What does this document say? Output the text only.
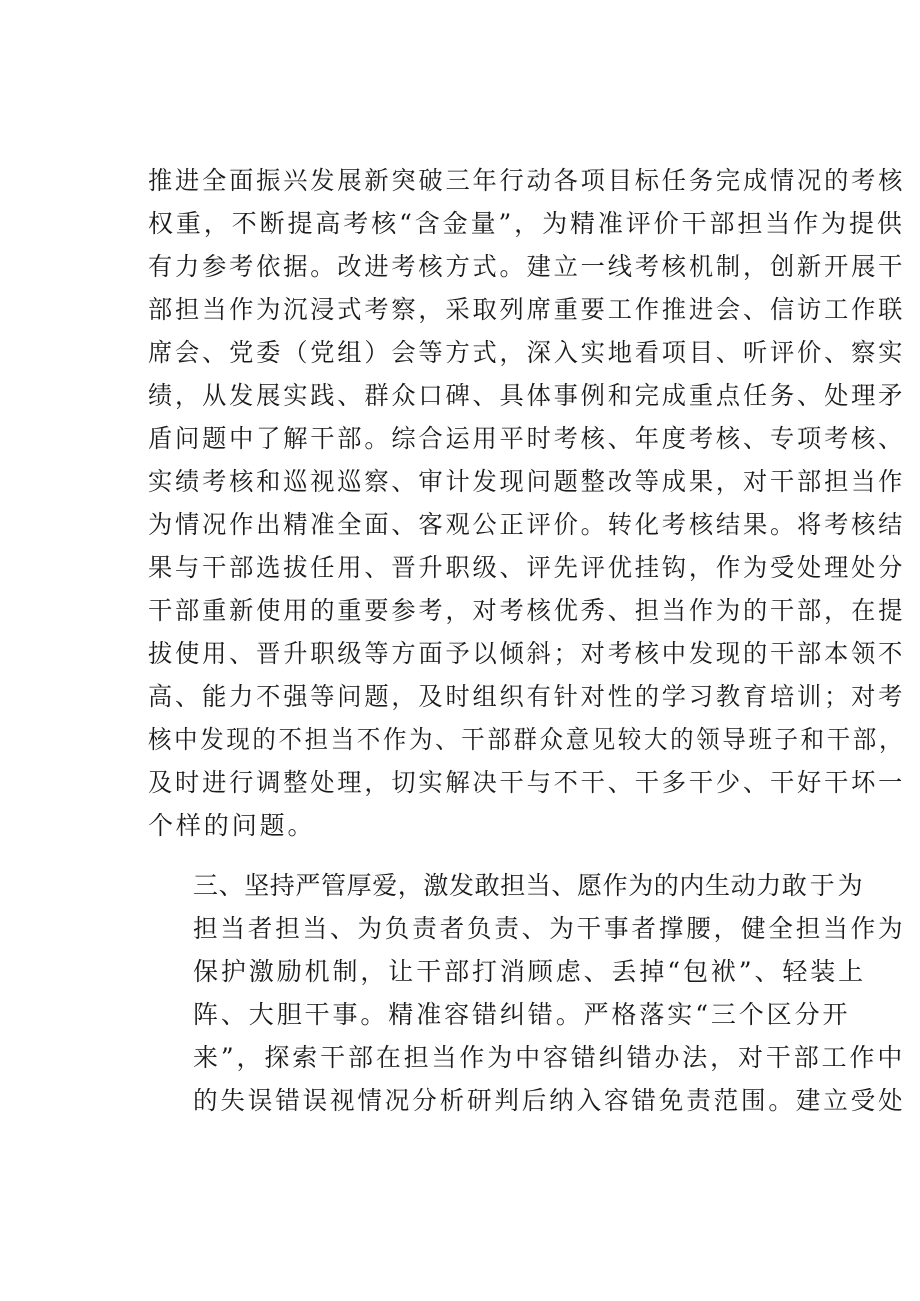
推进全面振兴发展新突破三年行动各项目标任务完成情况的考核
权重，不断提高考核“含金量”，为精准评价干部担当作为提供
有力参考依据。改进考核方式。建立一线考核机制，创新开展干
部担当作为沉浸式考察，采取列席重要工作推进会、信访工作联
席会、党委（党组）会等方式，深入实地看项目、听评价、察实
绩，从发展实践、群众口碑、具体事例和完成重点任务、处理矛
盾问题中了解干部。综合运用平时考核、年度考核、专项考核、
实绩考核和巡视巡察、审计发现问题整改等成果，对干部担当作
为情况作出精准全面、客观公正评价。转化考核结果。将考核结
果与干部选拔任用、晋升职级、评先评优挂钩，作为受处理处分
干部重新使用的重要参考，对考核优秀、担当作为的干部，在提
拔使用、晋升职级等方面予以倾斜；对考核中发现的干部本领不
高、能力不强等问题，及时组织有针对性的学习教育培训；对考
核中发现的不担当不作为、干部群众意见较大的领导班子和干部，
及时进行调整处理，切实解决干与不干、干多干少、干好干坏一
个样的问题。
三、坚持严管厚爱，激发敢担当、愿作为的内生动力敢于为
担当者担当、为负责者负责、为干事者撑腰，健全担当作为
保护激励机制，让干部打消顾虑、丢掉“包袱”、轻装上
阵、大胆干事。精准容错纠错。严格落实“三个区分开
来”，探索干部在担当作为中容错纠错办法，对干部工作中
的失误错误视情况分析研判后纳入容错免责范围。建立受处
